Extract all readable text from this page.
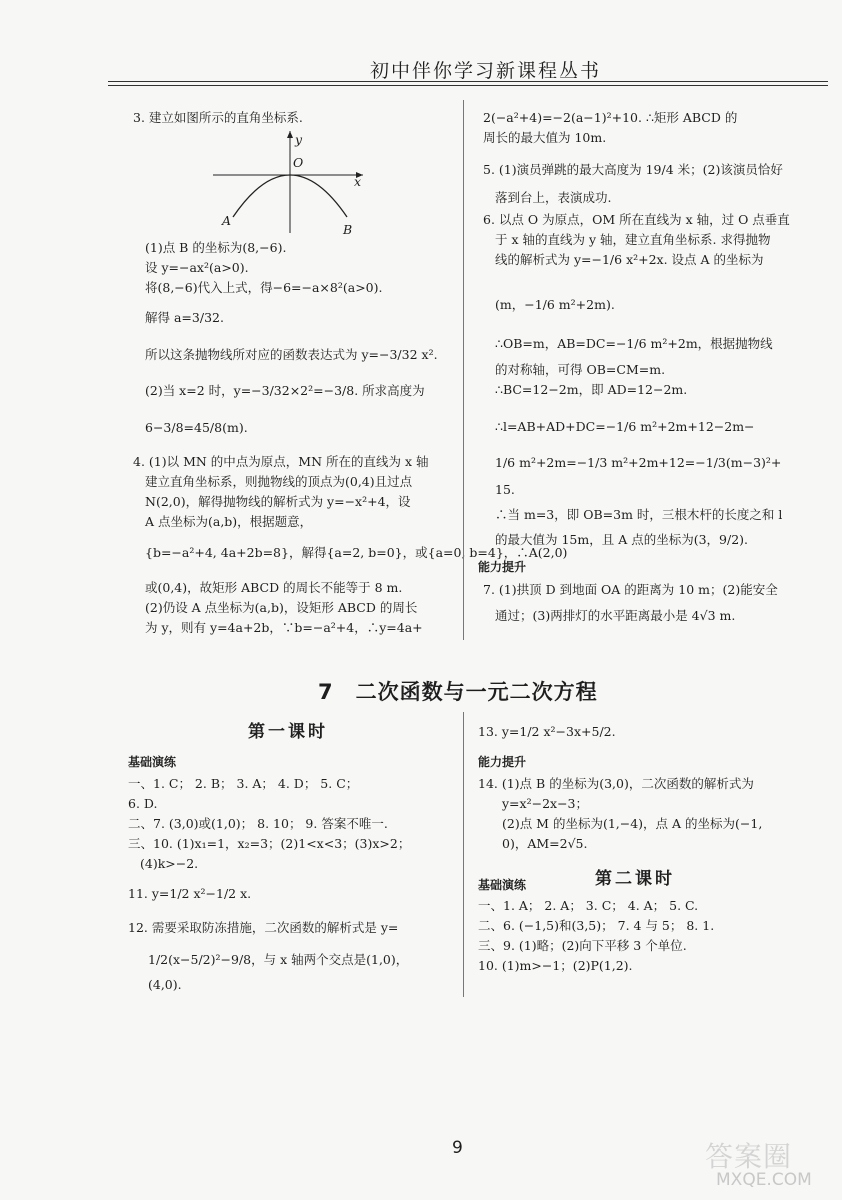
初中伴你学习新课程丛书

3. 建立如图所示的直角坐标系.

y
O
x
A
B

(1)点 B 的坐标为(8,−6).

设 y=−ax²(a>0).

将(8,−6)代入上式，得−6=−a×8²(a>0).

解得 a=3/32.
所以这条抛物线所对应的函数表达式为 y=−3/32 x².
(2)当 x=2 时，y=−3/32×2²=−3/8. 所求高度为
6−3/8=45/8(m).

4. (1)以 MN 的中点为原点，MN 所在的直线为 x 轴

建立直角坐标系，则抛物线的顶点为(0,4)且过点

N(2,0)，解得抛物线的解析式为 y=−x²+4，设

A 点坐标为(a,b)，根据题意，

{b=−a²+4, 4a+2b=8}，解得{a=2, b=0}，或{a=0, b=4}，∴A(2,0)

或(0,4)，故矩形 ABCD 的周长不能等于 8 m.

(2)仍设 A 点坐标为(a,b)，设矩形 ABCD 的周长

为 y，则有 y=4a+2b，∵b=−a²+4，∴y=4a+

2(−a²+4)=−2(a−1)²+10. ∴矩形 ABCD 的

周长的最大值为 10m.

5. (1)演员弹跳的最大高度为 19/4 米；(2)该演员恰好

落到台上，表演成功.

6. 以点 O 为原点，OM 所在直线为 x 轴，过 O 点垂直

于 x 轴的直线为 y 轴，建立直角坐标系. 求得抛物

线的解析式为 y=−1/6 x²+2x. 设点 A 的坐标为

(m，−1/6 m²+2m).
∴OB=m，AB=DC=−1/6 m²+2m，根据抛物线

的对称轴，可得 OB=CM=m.

∴BC=12−2m，即 AD=12−2m.

∴l=AB+AD+DC=−1/6 m²+2m+12−2m−
1/6 m²+2m=−1/3 m²+2m+12=−1/3(m−3)²+

15.

∴当 m=3，即 OB=3m 时，三根木杆的长度之和 l

的最大值为 15m，且 A 点的坐标为(3，9/2).
能力提升

7. (1)拱顶 D 到地面 OA 的距离为 10 m；(2)能安全

通过；(3)两排灯的水平距离最小是 4√3 m.

7　二次函数与一元二次方程
第一课时
基础演练

一、1. C； 2. B； 3. A； 4. D； 5. C；

6. D.

二、7. (3,0)或(1,0)； 8. 10； 9. 答案不唯一.

三、10. (1)x₁=1，x₂=3；(2)1<x<3；(3)x>2；

(4)k>−2.

11. y=1/2 x²−1/2 x.
12. 需要采取防冻措施，二次函数的解析式是 y=
1/2(x−5/2)²−9/8，与 x 轴两个交点是(1,0)，
(4,0).
13. y=1/2 x²−3x+5/2.
能力提升

14. (1)点 B 的坐标为(3,0)，二次函数的解析式为

y=x²−2x−3；

(2)点 M 的坐标为(1,−4)，点 A 的坐标为(−1,

0)，AM=2√5.

基础演练	第二课时

一、1. A； 2. A； 3. C； 4. A； 5. C.

二、6. (−1,5)和(3,5)； 7. 4 与 5； 8. 1.

三、9. (1)略；(2)向下平移 3 个单位.

10. (1)m>−1；(2)P(1,2).

9	答案圈
MXQE.COM
